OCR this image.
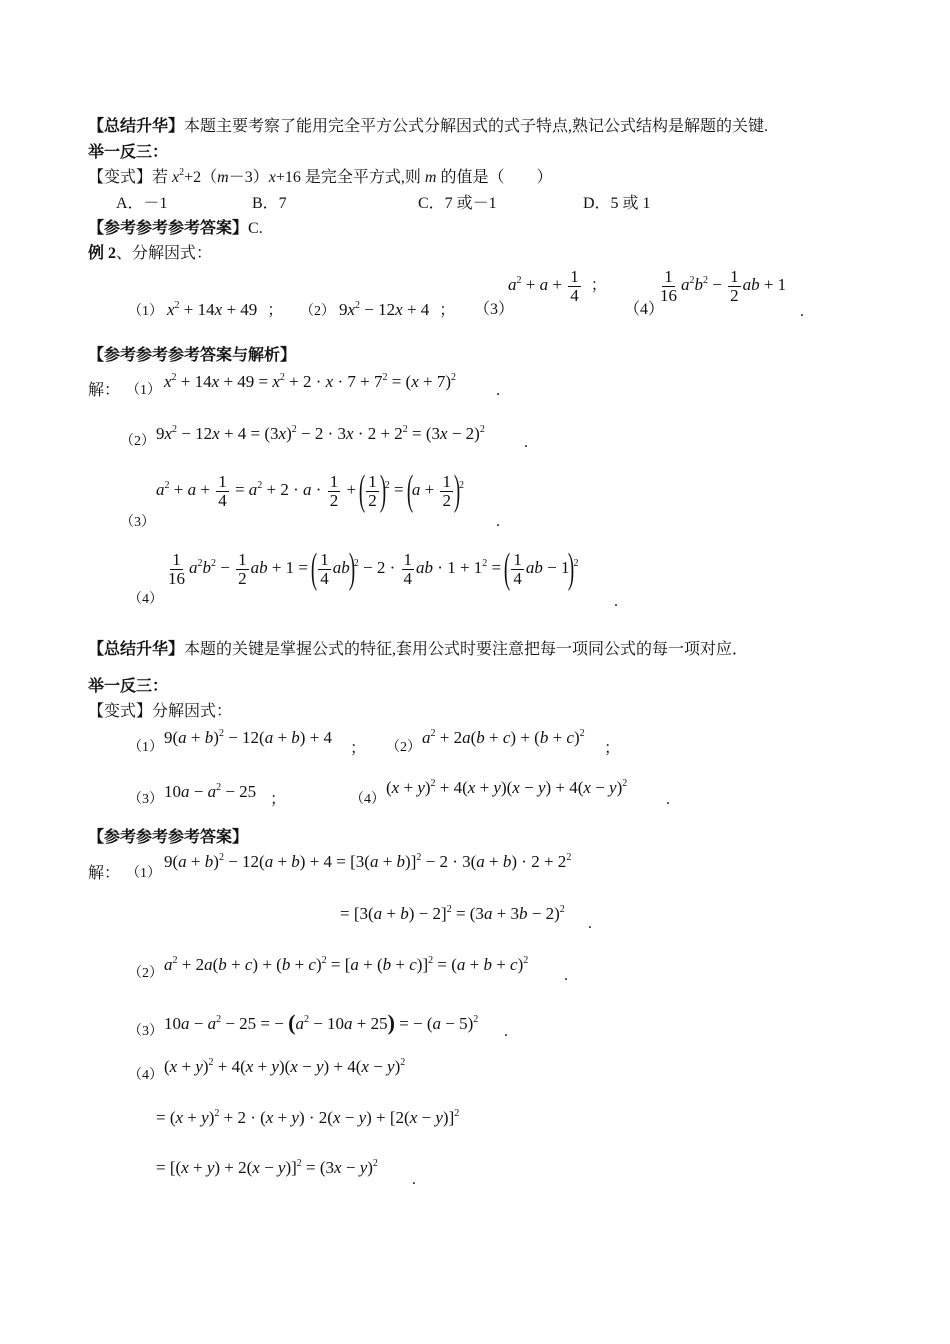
【总结升华】本题主要考察了能用完全平方公式分解因式的式子特点,熟记公式结构是解题的关键.
举一反三：
【变式】若 $x^2+2(m-3)x+16$ 是完全平方式,则 m 的值是（　　）
A．－1	B．7	C．7 或－1	D．5 或 1
【参考参考参考答案】C.
例 2、分解因式：
（1） $x^2 + 14x + 49$ ； （2） $9x^2 - 12x + 4$ ； （3）
$a^2 + a + \frac{1}{4}$ ；
（4）
$\frac{1}{16} a^2b^2 - \frac{1}{2}$ ab + 1
.
【参考参考参考答案与解析】
解： （1） $x^2 + 14x + 49 = x^2 + 2 \cdot x \cdot 7 + 7^2 = (x + 7)^2$
.
（2） $9x^2 - 12x + 4 = (3x)^2 - 2 \cdot 3x \cdot 2 + 2^2 = (3x - 2)^2$
.
（3）
$a^2 + a + \frac{1}{4} = a^2 + 2 \cdot a \cdot \frac{1}{2}$ + ( $\frac{1}{2} )^2 = (a + \frac{1}{2} )^2$
.
（4）
$\frac{1}{16} a^2b^2 - \frac{1}{2}$ ab + 1 = ( $\frac{1}{4} ab)^2 - 2 \cdot \frac{1}{4}$ ab · $1 + 1^2$ = ( $\frac{1}{4}$ ab − 1)$^2$
.
【总结升华】本题的关键是掌握公式的特征,套用公式时要注意把每一项同公式的每一项对应．
举一反三：
【变式】分解因式：
（1）
$9(a + b)^2 - 12(a + b) + 4$
； （2）
$a^2 + 2a(b + c) + (b + c)^2$
；
（3） $10a - a^2 - 25$ ；	（4）
$(x + y)^2 + 4(x + y)(x - y) + 4(x - y)^2$
.
【参考参考参考答案】
解： （1）
$9(a + b)^2 - 12(a + b) + 4 = [3(a + b)]^2 - 2 \cdot 3(a + b) \cdot 2 + 2^2$
= $[3(a + b) - 2]^2 = (3a + 3b - 2)^2$
.
（2） $a^2 + 2a(b + c) + (b + c)^2 = [a + (b + c)]^2 = (a + b + c)^2$
.
（3） $10a - a^2 - 25$ = − $(a^2 - 10a + 25)$ = − $(a - 5)^2$
.
（4） $(x + y)^2 + 4(x + y)(x - y) + 4(x - y)^2$
= $(x + y)^2 + 2 \cdot (x + y) \cdot 2(x - y) + [2(x - y)]^2$
= $[(x + y) + 2(x - y)]^2 = (3x - y)^2$
.
